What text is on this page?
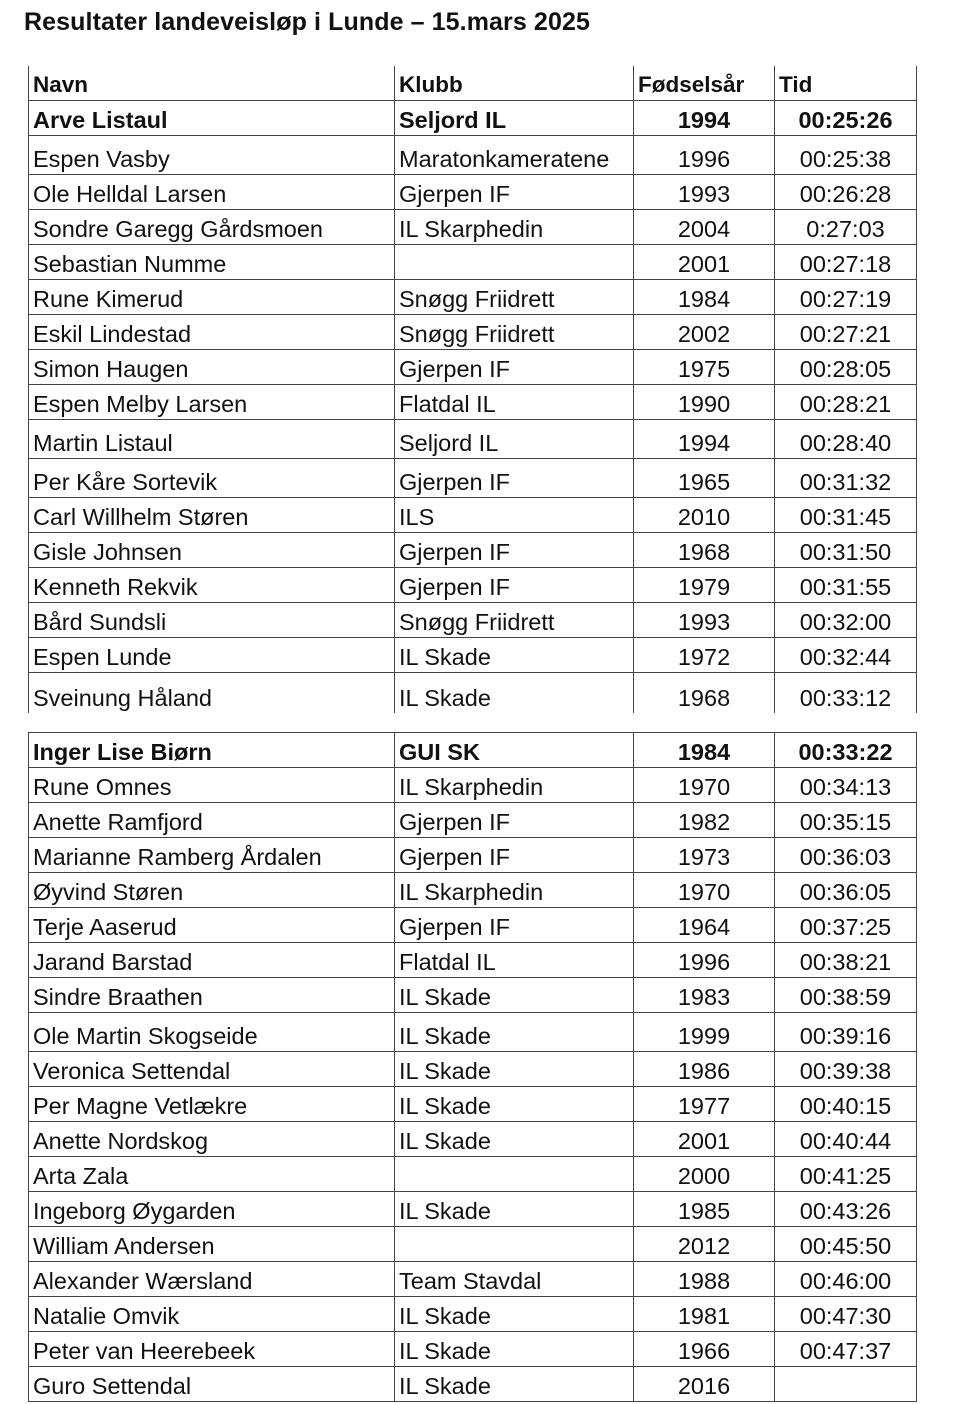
Resultater landeveisløp i Lunde – 15.mars 2025
Navn	Klubb	Fødselsår	Tid
Arve Listaul	Seljord IL	1994	00:25:26
Espen Vasby	Maratonkameratene	1996	00:25:38
Ole Helldal Larsen	Gjerpen IF	1993	00:26:28
Sondre Garegg Gårdsmoen	IL Skarphedin	2004	0:27:03
Sebastian Numme		2001	00:27:18
Rune Kimerud	Snøgg Friidrett	1984	00:27:19
Eskil Lindestad	Snøgg Friidrett	2002	00:27:21
Simon Haugen	Gjerpen IF	1975	00:28:05
Espen Melby Larsen	Flatdal IL	1990	00:28:21
Martin Listaul	Seljord IL	1994	00:28:40
Per Kåre Sortevik	Gjerpen IF	1965	00:31:32
Carl Willhelm Støren	ILS	2010	00:31:45
Gisle Johnsen	Gjerpen IF	1968	00:31:50
Kenneth Rekvik	Gjerpen IF	1979	00:31:55
Bård Sundsli	Snøgg Friidrett	1993	00:32:00
Espen Lunde	IL Skade	1972	00:32:44
Sveinung Håland	IL Skade	1968	00:33:12
Inger Lise Biørn	GUI SK	1984	00:33:22
Rune Omnes	IL Skarphedin	1970	00:34:13
Anette Ramfjord	Gjerpen IF	1982	00:35:15
Marianne Ramberg Årdalen	Gjerpen IF	1973	00:36:03
Øyvind Støren	IL Skarphedin	1970	00:36:05
Terje Aaserud	Gjerpen IF	1964	00:37:25
Jarand Barstad	Flatdal IL	1996	00:38:21
Sindre Braathen	IL Skade	1983	00:38:59
Ole Martin Skogseide	IL Skade	1999	00:39:16
Veronica Settendal	IL Skade	1986	00:39:38
Per Magne Vetlækre	IL Skade	1977	00:40:15
Anette Nordskog	IL Skade	2001	00:40:44
Arta Zala		2000	00:41:25
Ingeborg Øygarden	IL Skade	1985	00:43:26
William Andersen		2012	00:45:50
Alexander Wærsland	Team Stavdal	1988	00:46:00
Natalie Omvik	IL Skade	1981	00:47:30
Peter van Heerebeek	IL Skade	1966	00:47:37
Guro Settendal	IL Skade	2016	
